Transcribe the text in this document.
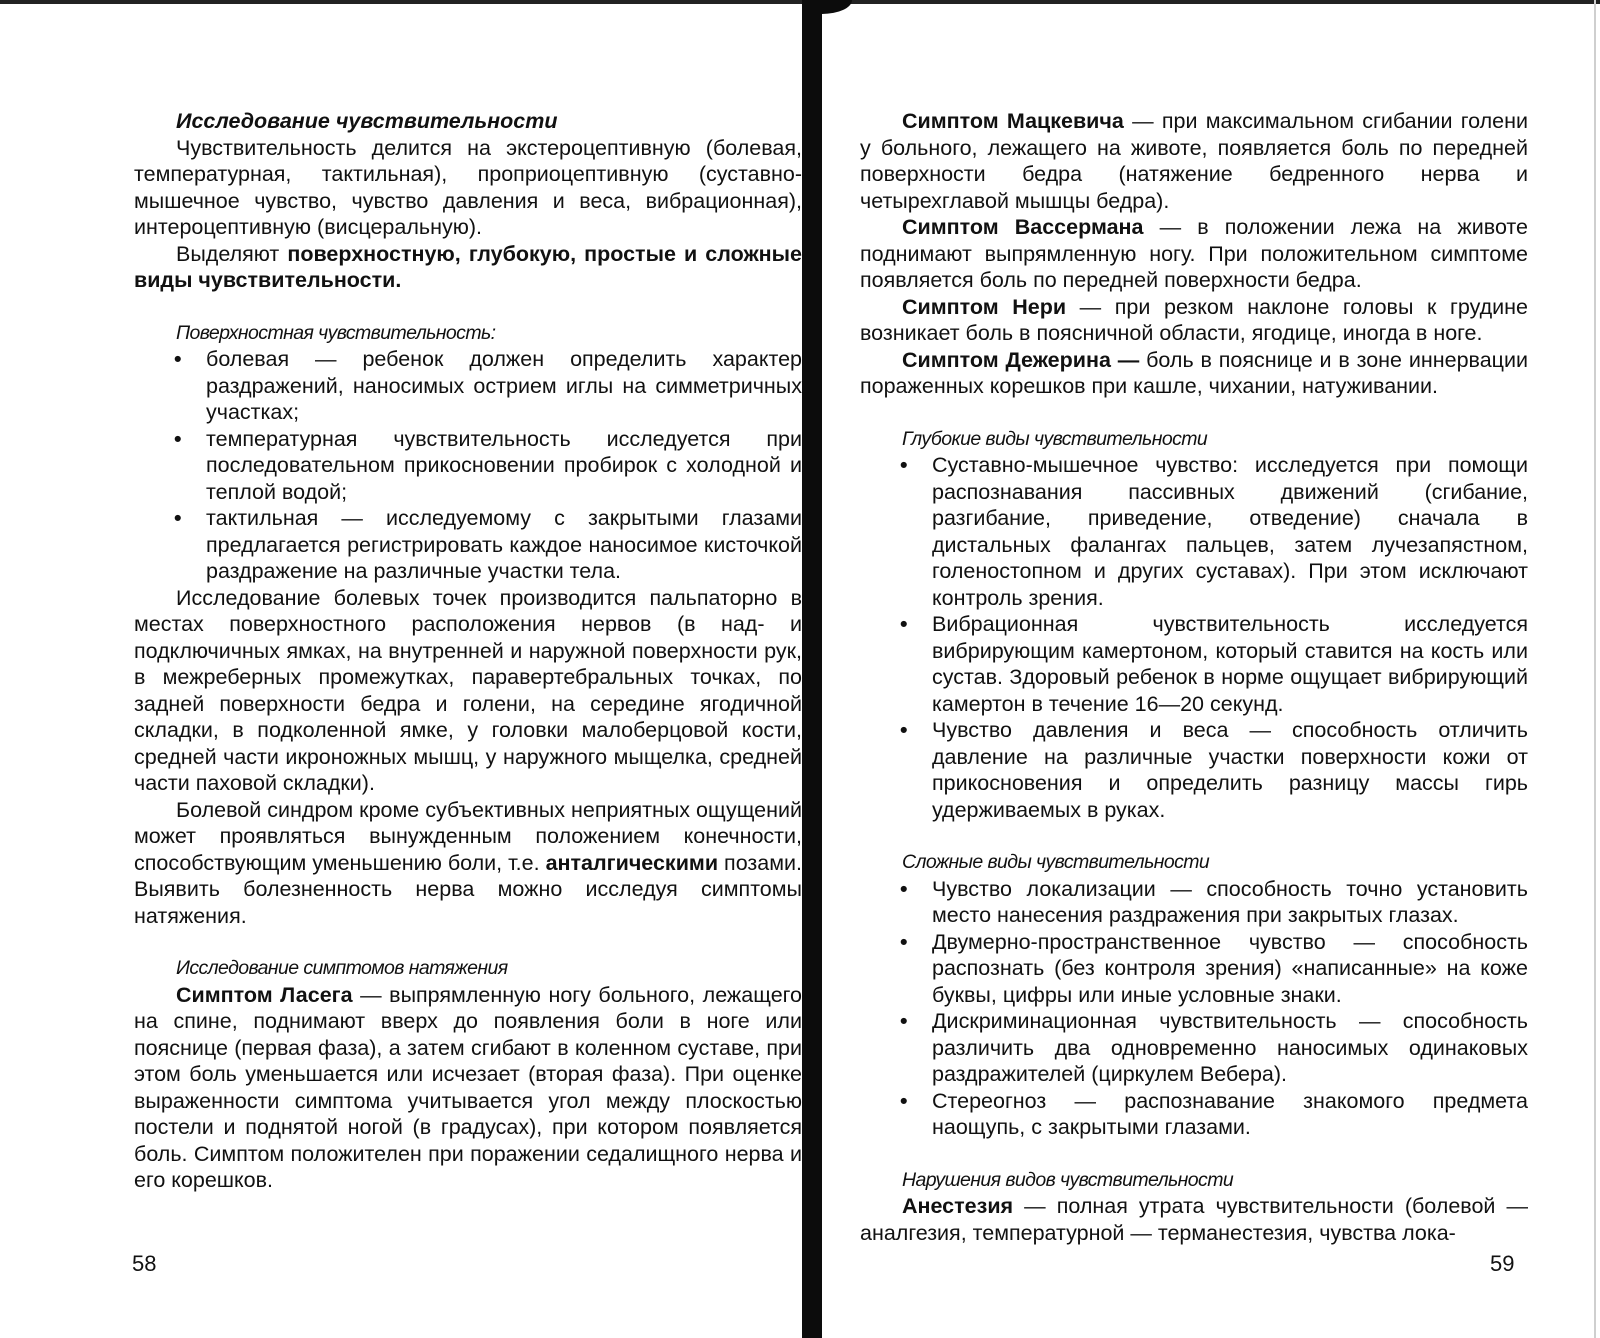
Исследование чувствительности

Чувствительность делится на экстероцептивную (болевая, температурная, тактильная), проприоцептивную (суставно-мышечное чувство, чувство давления и веса, вибрационная), интероцептивную (висцеральную).

Выделяют поверхностную, глубокую, простые и сложные виды чувствительности.

Поверхностная чувствительность:

• болевая — ребенок должен определить характер раздражений, наносимых острием иглы на симметричных участках;
• температурная чувствительность исследуется при последовательном прикосновении пробирок с холодной и теплой водой;
• тактильная — исследуемому с закрытыми глазами предлагается регистрировать каждое наносимое кисточкой раздражение на различные участки тела.

Исследование болевых точек производится пальпаторно в местах поверхностного расположения нервов (в над- и подключичных ямках, на внутренней и наружной поверхности рук, в межреберных промежутках, паравертебральных точках, по задней поверхности бедра и голени, на середине ягодичной складки, в подколенной ямке, у головки малоберцовой кости, средней части икроножных мышц, у наружного мыщелка, средней части паховой складки).

Болевой синдром кроме субъективных неприятных ощущений может проявляться вынужденным положением конечности, способствующим уменьшению боли, т.е. анталгическими позами. Выявить болезненность нерва можно исследуя симптомы натяжения.

Исследование симптомов натяжения

Симптом Ласега — выпрямленную ногу больного, лежащего на спине, поднимают вверх до появления боли в ноге или пояснице (первая фаза), а затем сгибают в коленном суставе, при этом боль уменьшается или исчезает (вторая фаза). При оценке выраженности симптома учитывается угол между плоскостью постели и поднятой ногой (в градусах), при котором появляется боль. Симптом положителен при поражении седалищного нерва и его корешков.

58

Симптом Мацкевича — при максимальном сгибании голени у больного, лежащего на животе, появляется боль по передней поверхности бедра (натяжение бедренного нерва и четырехглавой мышцы бедра).

Симптом Вассермана — в положении лежа на животе поднимают выпрямленную ногу. При положительном симптоме появляется боль по передней поверхности бедра.

Симптом Нери — при резком наклоне головы к грудине возникает боль в поясничной области, ягодице, иногда в ноге.

Симптом Дежерина — боль в пояснице и в зоне иннервации пораженных корешков при кашле, чихании, натуживании.

Глубокие виды чувствительности

• Суставно-мышечное чувство: исследуется при помощи распознавания пассивных движений (сгибание, разгибание, приведение, отведение) сначала в дистальных фалангах пальцев, затем лучезапястном, голеностопном и других суставах). При этом исключают контроль зрения.
• Вибрационная чувствительность исследуется вибрирующим камертоном, который ставится на кость или сустав. Здоровый ребенок в норме ощущает вибрирующий камертон в течение 16—20 секунд.
• Чувство давления и веса — способность отличить давление на различные участки поверхности кожи от прикосновения и определить разницу массы гирь удерживаемых в руках.

Сложные виды чувствительности

• Чувство локализации — способность точно установить место нанесения раздражения при закрытых глазах.
• Двумерно-пространственное чувство — способность распознать (без контроля зрения) «написанные» на коже буквы, цифры или иные условные знаки.
• Дискриминационная чувствительность — способность различить два одновременно наносимых одинаковых раздражителей (циркулем Вебера).
• Стереогноз — распознавание знакомого предмета наощупь, с закрытыми глазами.

Нарушения видов чувствительности

Анестезия — полная утрата чувствительности (болевой — аналгезия, температурной — терманестезия, чувства лока-

59
